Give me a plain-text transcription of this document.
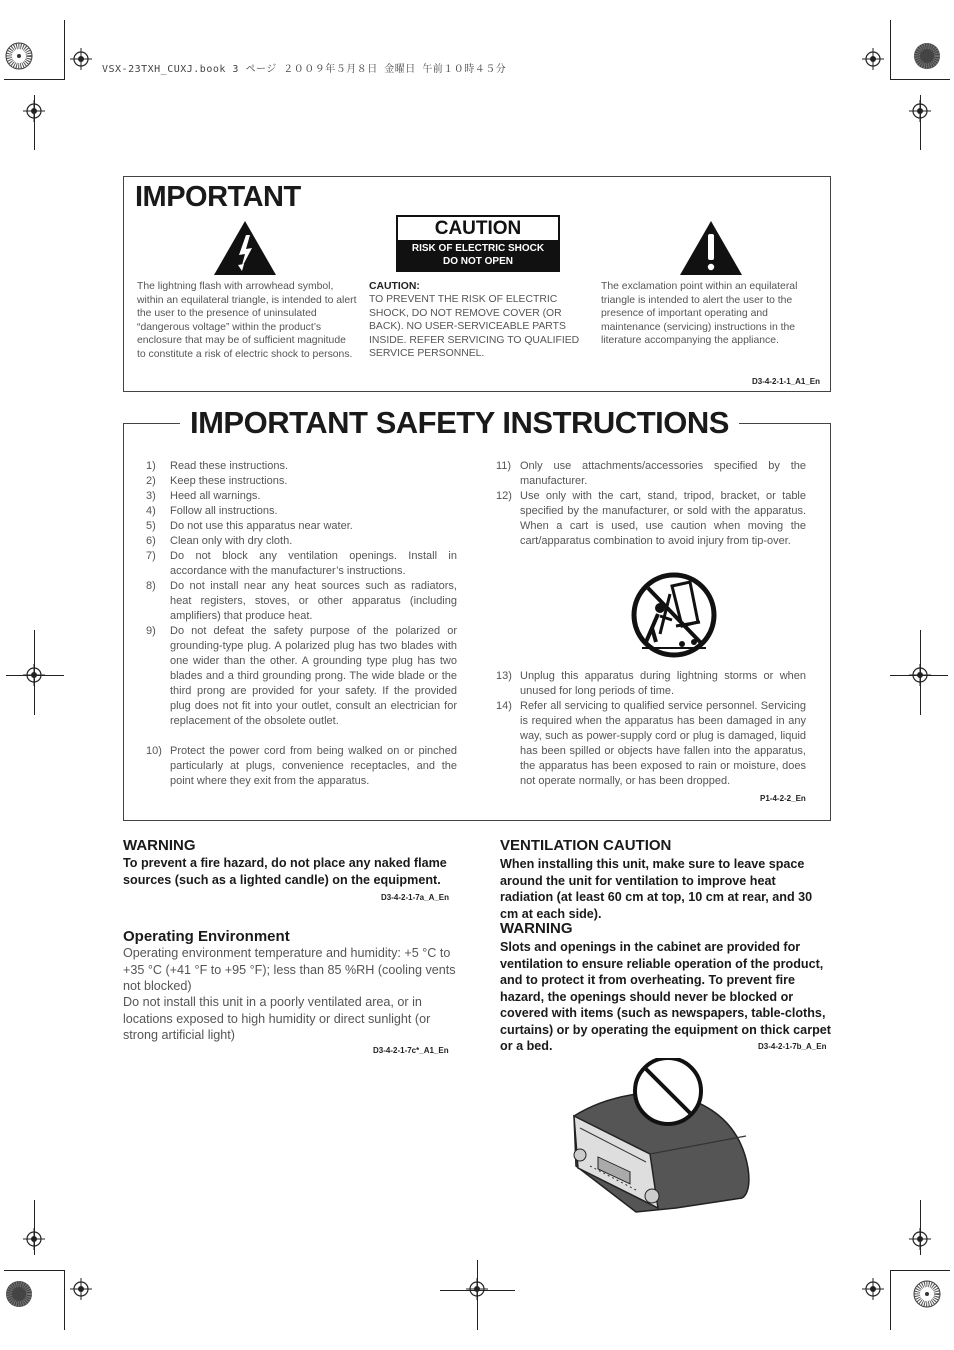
VSX-23TXH_CUXJ.book 3 ページ ２００９年５月８日 金曜日 午前１０時４５分
IMPORTANT
The lightning flash with arrowhead symbol, within an equilateral triangle, is intended to alert the user to the presence of uninsulated “dangerous voltage” within the product’s enclosure that may be of sufficient magnitude to constitute a risk of electric shock to persons.
CAUTION
RISK OF ELECTRIC SHOCK
DO NOT OPEN
CAUTION:
TO PREVENT THE RISK OF ELECTRIC SHOCK, DO NOT REMOVE COVER (OR BACK). NO USER-SERVICEABLE PARTS INSIDE. REFER SERVICING TO QUALIFIED SERVICE PERSONNEL.
The exclamation point within an equilateral triangle is intended to alert the user to the presence of important operating and maintenance (servicing) instructions in the literature accompanying the appliance.
D3-4-2-1-1_A1_En
IMPORTANT SAFETY INSTRUCTIONS
1) Read these instructions.
2) Keep these instructions.
3) Heed all warnings.
4) Follow all instructions.
5) Do not use this apparatus near water.
6) Clean only with dry cloth.
7) Do not block any ventilation openings. Install in accordance with the manufacturer’s instructions.
8) Do not install near any heat sources such as radiators, heat registers, stoves, or other apparatus (including amplifiers) that produce heat.
9) Do not defeat the safety purpose of the polarized or grounding-type plug. A polarized plug has two blades with one wider than the other. A grounding type plug has two blades and a third grounding prong. The wide blade or the third prong are provided for your safety. If the provided plug does not fit into your outlet, consult an electrician for replacement of the obsolete outlet.
10) Protect the power cord from being walked on or pinched particularly at plugs, convenience receptacles, and the point where they exit from the apparatus.
11) Only use attachments/accessories specified by the manufacturer.
12) Use only with the cart, stand, tripod, bracket, or table specified by the manufacturer, or sold with the apparatus. When a cart is used, use caution when moving the cart/apparatus combination to avoid injury from tip-over.
13) Unplug this apparatus during lightning storms or when unused for long periods of time.
14) Refer all servicing to qualified service personnel. Servicing is required when the apparatus has been damaged in any way, such as power-supply cord or plug is damaged, liquid has been spilled or objects have fallen into the apparatus, the apparatus has been exposed to rain or moisture, does not operate normally, or has been dropped.
P1-4-2-2_En
WARNING
To prevent a fire hazard, do not place any naked flame sources (such as a lighted candle) on the equipment.
D3-4-2-1-7a_A_En
Operating Environment
Operating environment temperature and humidity: +5 °C to +35 °C (+41 °F to +95 °F); less than 85 %RH (cooling vents not blocked)
Do not install this unit in a poorly ventilated area, or in locations exposed to high humidity or direct sunlight (or strong artificial light)
D3-4-2-1-7c*_A1_En
VENTILATION CAUTION
When installing this unit, make sure to leave space around the unit for ventilation to improve heat radiation (at least 60 cm at top, 10 cm at rear, and 30 cm at each side).
WARNING
Slots and openings in the cabinet are provided for ventilation to ensure reliable operation of the product, and to protect it from overheating. To prevent fire hazard, the openings should never be blocked or covered with items (such as newspapers, table-cloths, curtains) or by operating the equipment on thick carpet or a bed.	D3-4-2-1-7b_A_En
